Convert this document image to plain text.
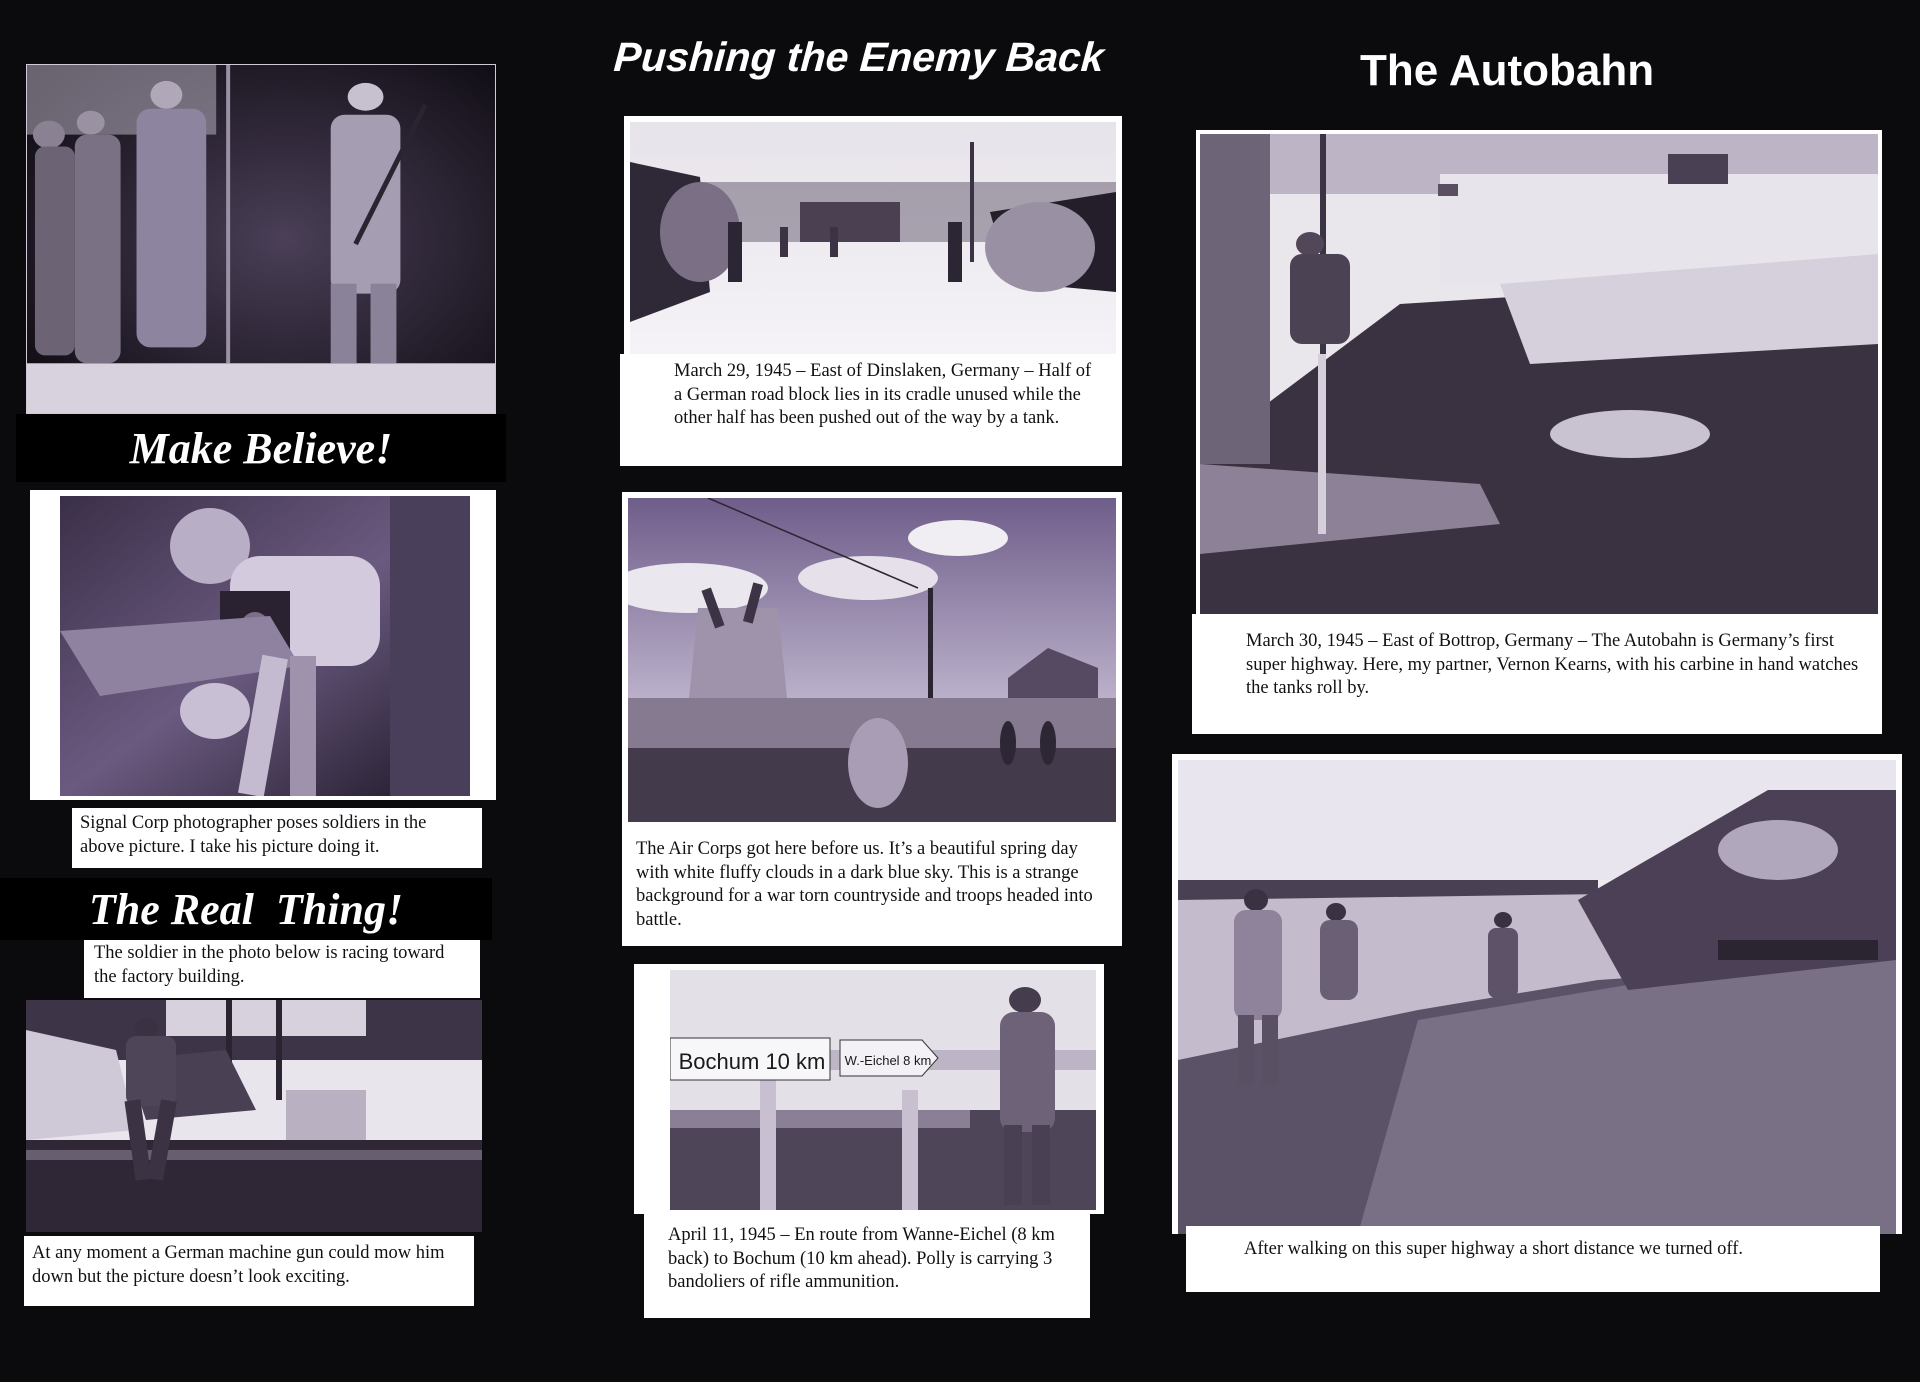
Make Believe!
Signal Corp photographer poses soldiers in the above picture. I take his picture doing it.
The Real  Thing!
The soldier in the photo below is racing toward the factory building.
At any moment a German machine gun could mow him down but the picture doesn’t look exciting.
Pushing the Enemy Back
March 29, 1945 – East of Dinslaken, Germany – Half of a German road block lies in its cradle unused while the other half has been pushed out of the way by a tank.
The Air Corps got here before us. It’s a beautiful spring day with white fluffy clouds in a dark blue sky. This is a strange background for a war torn countryside and troops headed into battle.
Bochum 10 km	W.-Eichel 8 km
April 11, 1945 – En route from Wanne-Eichel (8 km back) to Bochum (10 km ahead). Polly is carrying 3 bandoliers of rifle ammunition.
The Autobahn
March 30, 1945 – East of Bottrop, Germany – The Autobahn is Germany’s first super highway. Here, my partner, Vernon Kearns, with his carbine in hand watches the tanks roll by.
After walking on this super highway a short distance we turned off.
